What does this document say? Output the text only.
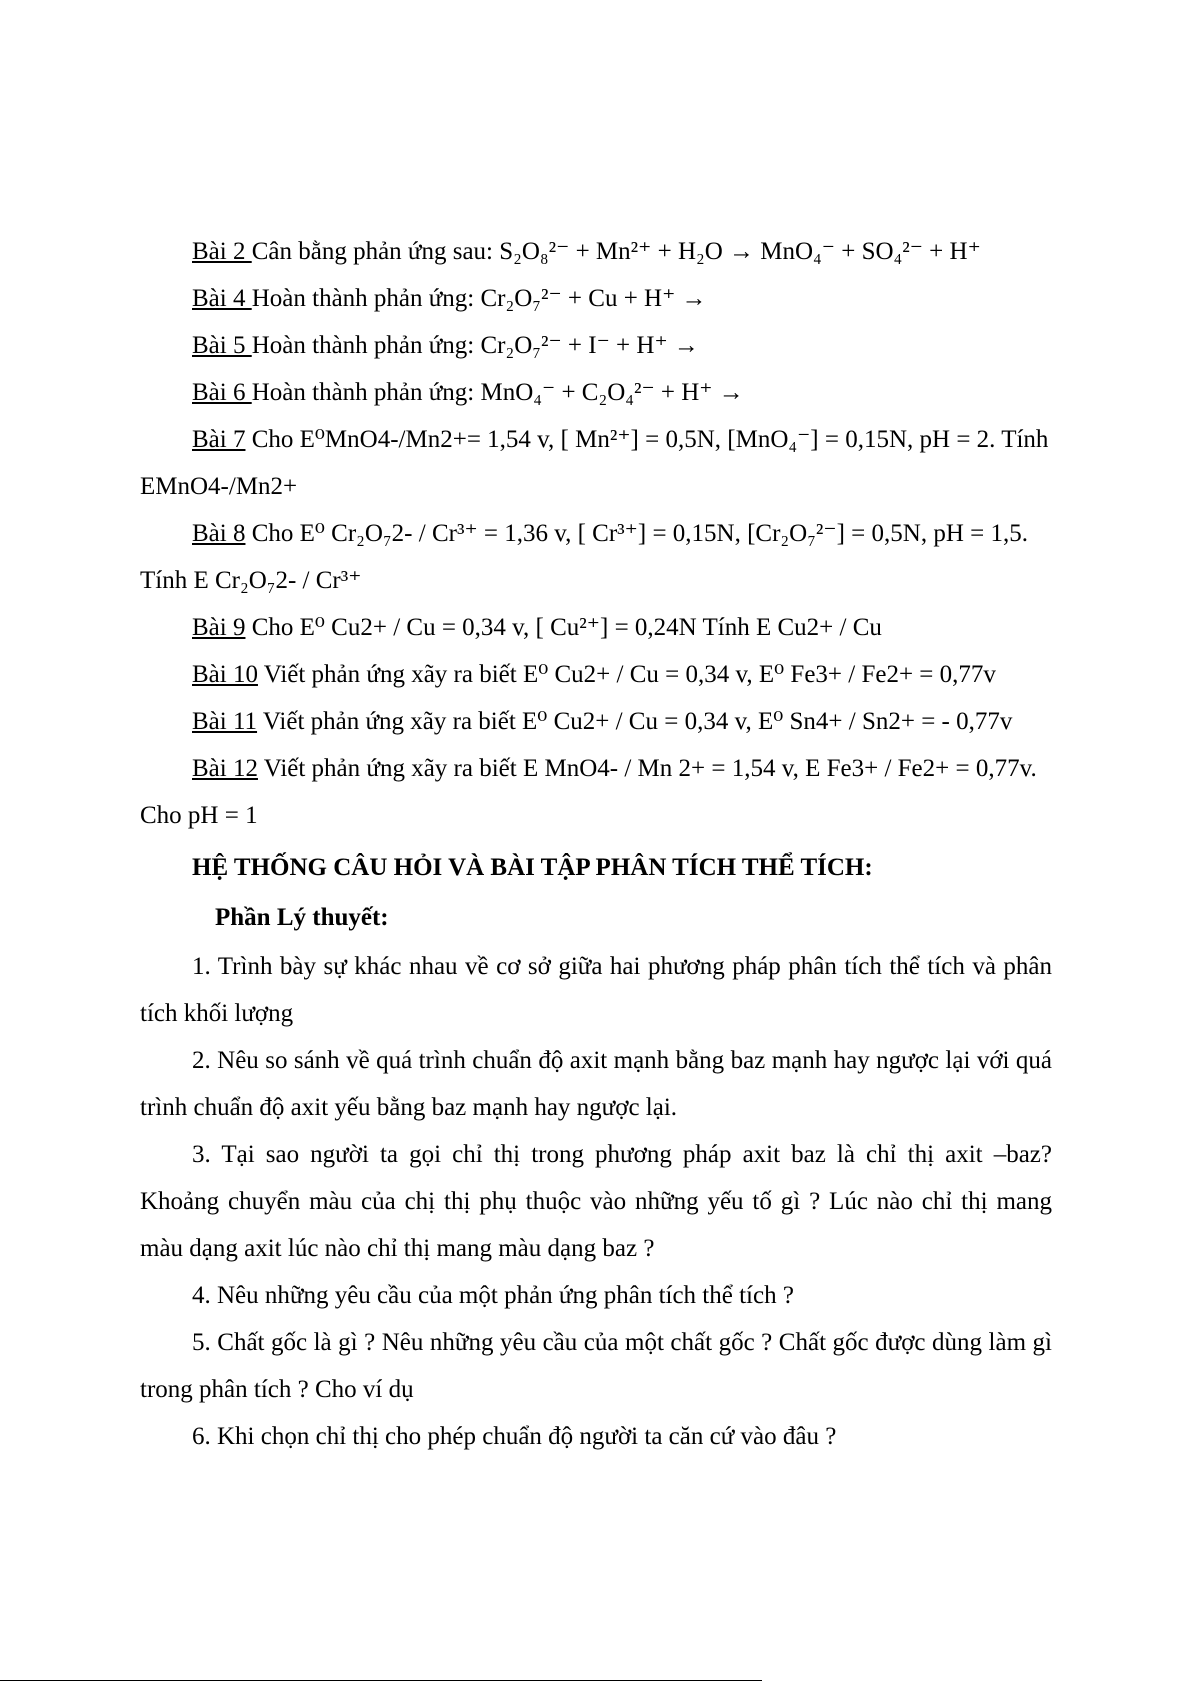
Bài 2 Cân bằng phản ứng sau: S₂O₈²⁻ + Mn²⁺ + H₂O → MnO₄⁻ + SO₄²⁻ + H⁺

Bài 4 Hoàn thành phản ứng: Cr₂O₇²⁻ + Cu + H⁺ →

Bài 5 Hoàn thành phản ứng: Cr₂O₇²⁻ + I⁻ + H⁺ →

Bài 6 Hoàn thành phản ứng: MnO₄⁻ + C₂O₄²⁻ + H⁺ →

Bài 7 Cho E⁰MnO4-/Mn2+= 1,54 v, [ Mn²⁺] = 0,5N, [MnO₄⁻] = 0,15N, pH = 2. Tính EMnO4-/Mn2+

Bài 8 Cho E⁰ Cr₂O₇2- / Cr³⁺ = 1,36 v, [ Cr³⁺] = 0,15N, [Cr₂O₇²⁻] = 0,5N, pH = 1,5. Tính E Cr₂O₇2- / Cr³⁺

Bài 9 Cho E⁰ Cu2+ / Cu = 0,34 v, [ Cu²⁺] = 0,24N Tính E Cu2+ / Cu

Bài 10 Viết phản ứng xãy ra biết E⁰ Cu2+ / Cu = 0,34 v, E⁰ Fe3+ / Fe2+ = 0,77v

Bài 11 Viết phản ứng xãy ra biết E⁰ Cu2+ / Cu = 0,34 v, E⁰ Sn4+ / Sn2+ = - 0,77v

Bài 12 Viết phản ứng xãy ra biết E MnO4- / Mn 2+ = 1,54 v, E Fe3+ / Fe2+ = 0,77v. Cho pH = 1

HỆ THỐNG CÂU HỎI VÀ BÀI TẬP PHÂN TÍCH THỂ TÍCH:
Phần Lý thuyết:

1. Trình bày sự khác nhau về cơ sở giữa hai phương pháp phân tích thể tích và phân tích khối lượng

2. Nêu so sánh về quá trình chuẩn độ axit mạnh bằng baz mạnh hay ngược lại với quá trình chuẩn độ axit yếu bằng baz mạnh hay ngược lại.

3. Tại sao người ta gọi chỉ thị trong phương pháp axit baz là chỉ thị axit –baz? Khoảng chuyển màu của chị thị phụ thuộc vào những yếu tố gì ? Lúc nào chỉ thị mang màu dạng axit lúc nào chỉ thị mang màu dạng baz ?

4. Nêu những yêu cầu của một phản ứng phân tích thể tích ?

5. Chất gốc là gì ? Nêu những yêu cầu của một chất gốc ? Chất gốc được dùng làm gì trong phân tích ? Cho ví dụ

6. Khi chọn chỉ thị cho phép chuẩn độ người ta căn cứ vào đâu ?
